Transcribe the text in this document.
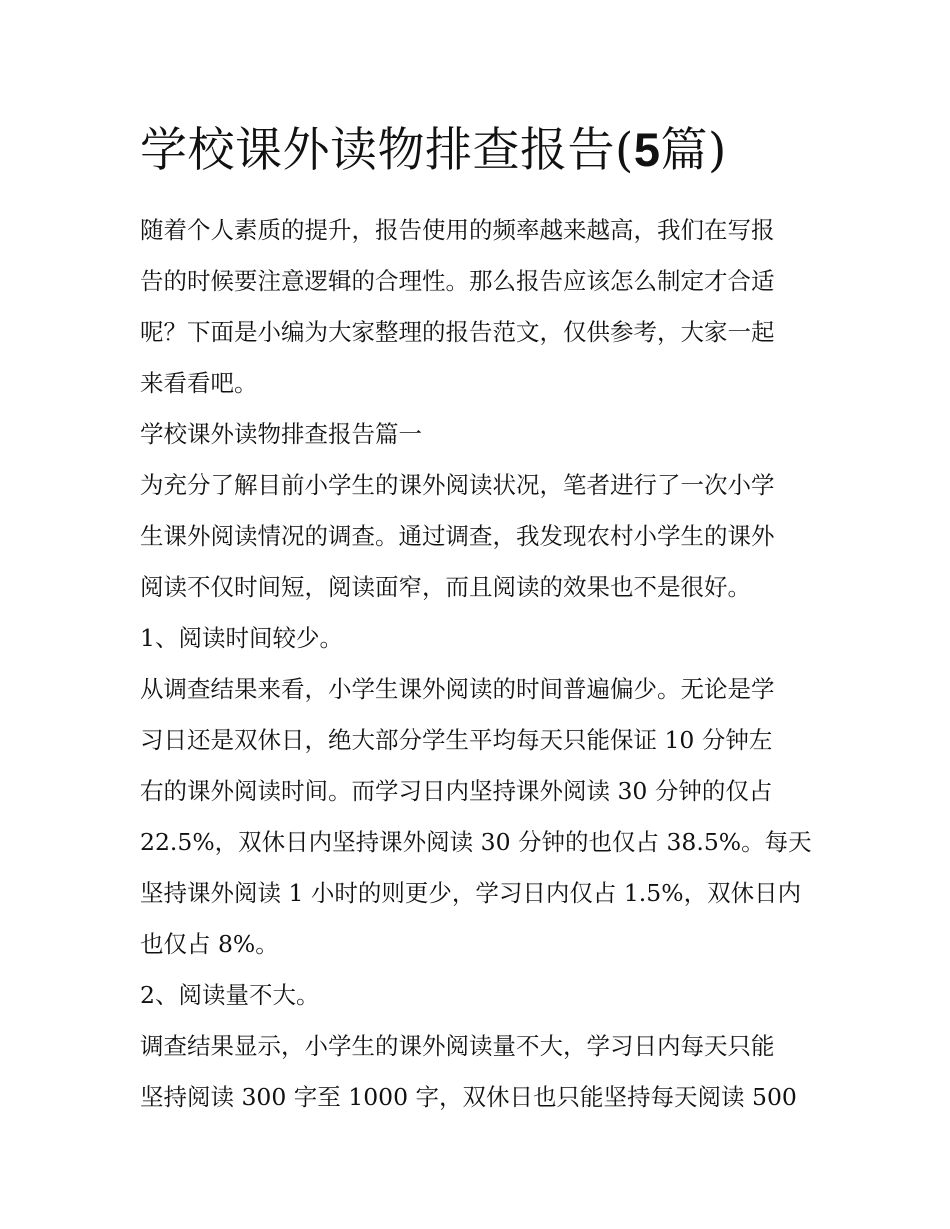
学校课外读物排查报告(5篇)

随着个人素质的提升，报告使用的频率越来越高，我们在写报
告的时候要注意逻辑的合理性。那么报告应该怎么制定才合适
呢？下面是小编为大家整理的报告范文，仅供参考，大家一起
来看看吧。

学校课外读物排查报告篇一

为充分了解目前小学生的课外阅读状况，笔者进行了一次小学
生课外阅读情况的调查。通过调查，我发现农村小学生的课外
阅读不仅时间短，阅读面窄，而且阅读的效果也不是很好。

1、阅读时间较少。

从调查结果来看，小学生课外阅读的时间普遍偏少。无论是学
习日还是双休日，绝大部分学生平均每天只能保证 10 分钟左
右的课外阅读时间。而学习日内坚持课外阅读 30 分钟的仅占
22.5%，双休日内坚持课外阅读 30 分钟的也仅占 38.5%。每天
坚持课外阅读 1 小时的则更少，学习日内仅占 1.5%，双休日内
也仅占 8%。

2、阅读量不大。

调查结果显示，小学生的课外阅读量不大，学习日内每天只能
坚持阅读 300 字至 1000 字，双休日也只能坚持每天阅读 500
